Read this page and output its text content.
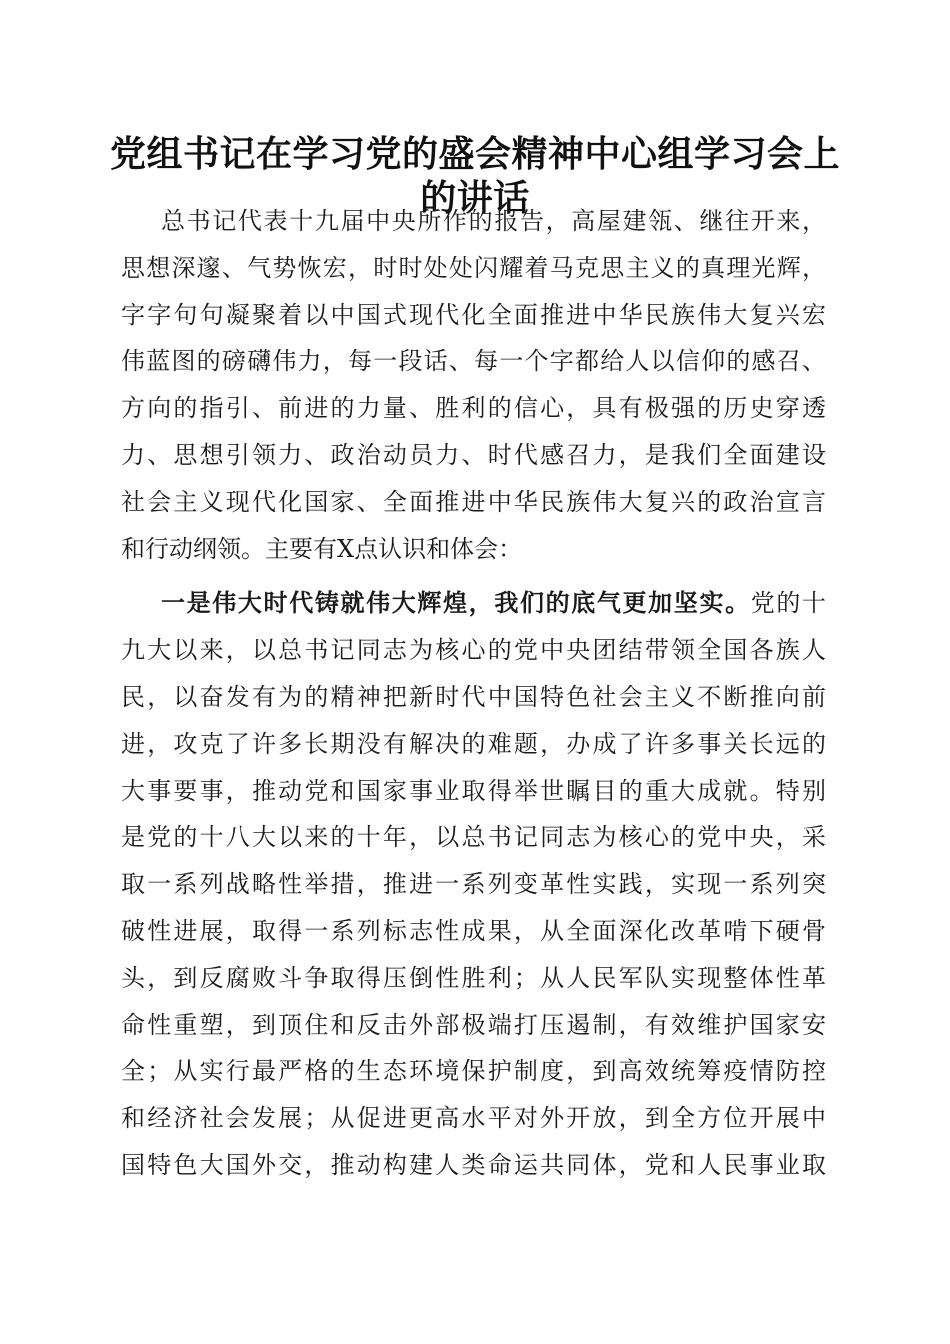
党组书记在学习党的盛会精神中心组学习会上
的讲话
总书记代表十九届中央所作的报告，高屋建瓴、继往开来，
思想深邃、气势恢宏，时时处处闪耀着马克思主义的真理光辉，
字字句句凝聚着以中国式现代化全面推进中华民族伟大复兴宏
伟蓝图的磅礴伟力，每一段话、每一个字都给人以信仰的感召、
方向的指引、前进的力量、胜利的信心，具有极强的历史穿透
力、思想引领力、政治动员力、时代感召力，是我们全面建设
社会主义现代化国家、全面推进中华民族伟大复兴的政治宣言
和行动纲领。主要有X点认识和体会：
一是伟大时代铸就伟大辉煌，我们的底气更加坚实。党的十
九大以来，以总书记同志为核心的党中央团结带领全国各族人
民，以奋发有为的精神把新时代中国特色社会主义不断推向前
进，攻克了许多长期没有解决的难题，办成了许多事关长远的
大事要事，推动党和国家事业取得举世瞩目的重大成就。特别
是党的十八大以来的十年，以总书记同志为核心的党中央，采
取一系列战略性举措，推进一系列变革性实践，实现一系列突
破性进展，取得一系列标志性成果，从全面深化改革啃下硬骨
头，到反腐败斗争取得压倒性胜利；从人民军队实现整体性革
命性重塑，到顶住和反击外部极端打压遏制，有效维护国家安
全；从实行最严格的生态环境保护制度，到高效统筹疫情防控
和经济社会发展；从促进更高水平对外开放，到全方位开展中
国特色大国外交，推动构建人类命运共同体，党和人民事业取
